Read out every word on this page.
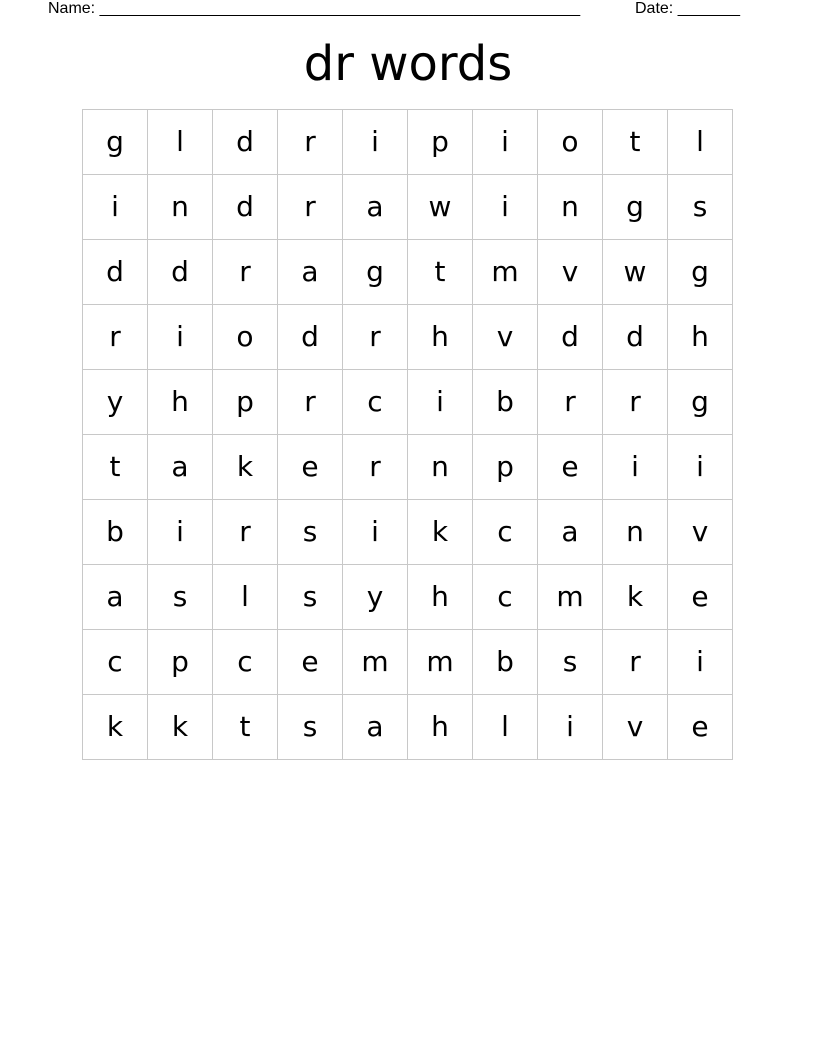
Name: ______________________________________________________	Date: _______
dr words
g	l	d	r	i	p	i	o	t	l
i	n	d	r	a	w	i	n	g	s
d	d	r	a	g	t	m	v	w	g
r	i	o	d	r	h	v	d	d	h
y	h	p	r	c	i	b	r	r	g
t	a	k	e	r	n	p	e	i	i
b	i	r	s	i	k	c	a	n	v
a	s	l	s	y	h	c	m	k	e
c	p	c	e	m	m	b	s	r	i
k	k	t	s	a	h	l	i	v	e
